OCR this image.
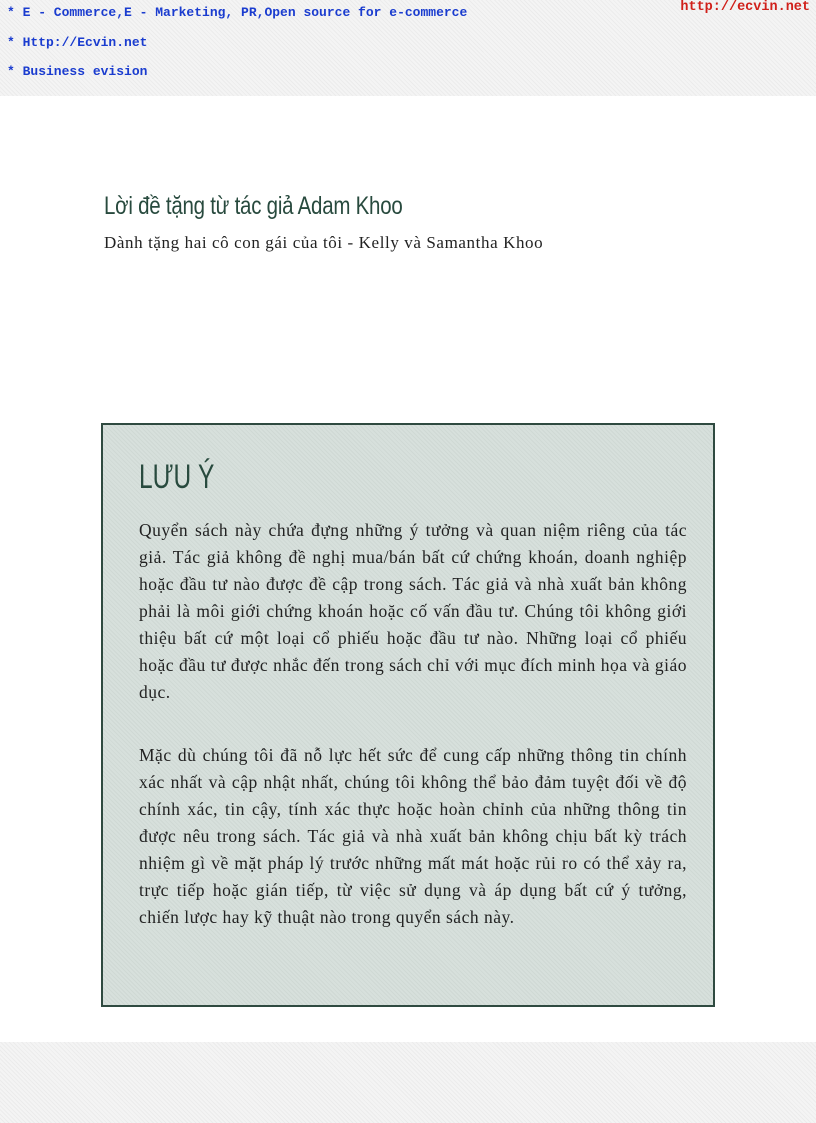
* E - Commerce,E - Marketing, PR,Open source for e-commerce
* Http://Ecvin.net
* Business evision
http://ecvin.net
Lời đề tặng từ tác giả Adam Khoo
Dành tặng hai cô con gái của tôi - Kelly và Samantha Khoo
LƯU Ý

Quyển sách này chứa đựng những ý tưởng và quan niệm riêng của tác giả. Tác giả không đề nghị mua/bán bất cứ chứng khoán, doanh nghiệp hoặc đầu tư nào được đề cập trong sách. Tác giả và nhà xuất bản không phải là môi giới chứng khoán hoặc cố vấn đầu tư. Chúng tôi không giới thiệu bất cứ một loại cổ phiếu hoặc đầu tư nào. Những loại cổ phiếu hoặc đầu tư được nhắc đến trong sách chỉ với mục đích minh họa và giáo dục.

Mặc dù chúng tôi đã nỗ lực hết sức để cung cấp những thông tin chính xác nhất và cập nhật nhất, chúng tôi không thể bảo đảm tuyệt đối về độ chính xác, tin cậy, tính xác thực hoặc hoàn chỉnh của những thông tin được nêu trong sách. Tác giả và nhà xuất bản không chịu bất kỳ trách nhiệm gì về mặt pháp lý trước những mất mát hoặc rủi ro có thể xảy ra, trực tiếp hoặc gián tiếp, từ việc sử dụng và áp dụng bất cứ ý tưởng, chiến lược hay kỹ thuật nào trong quyển sách này.
